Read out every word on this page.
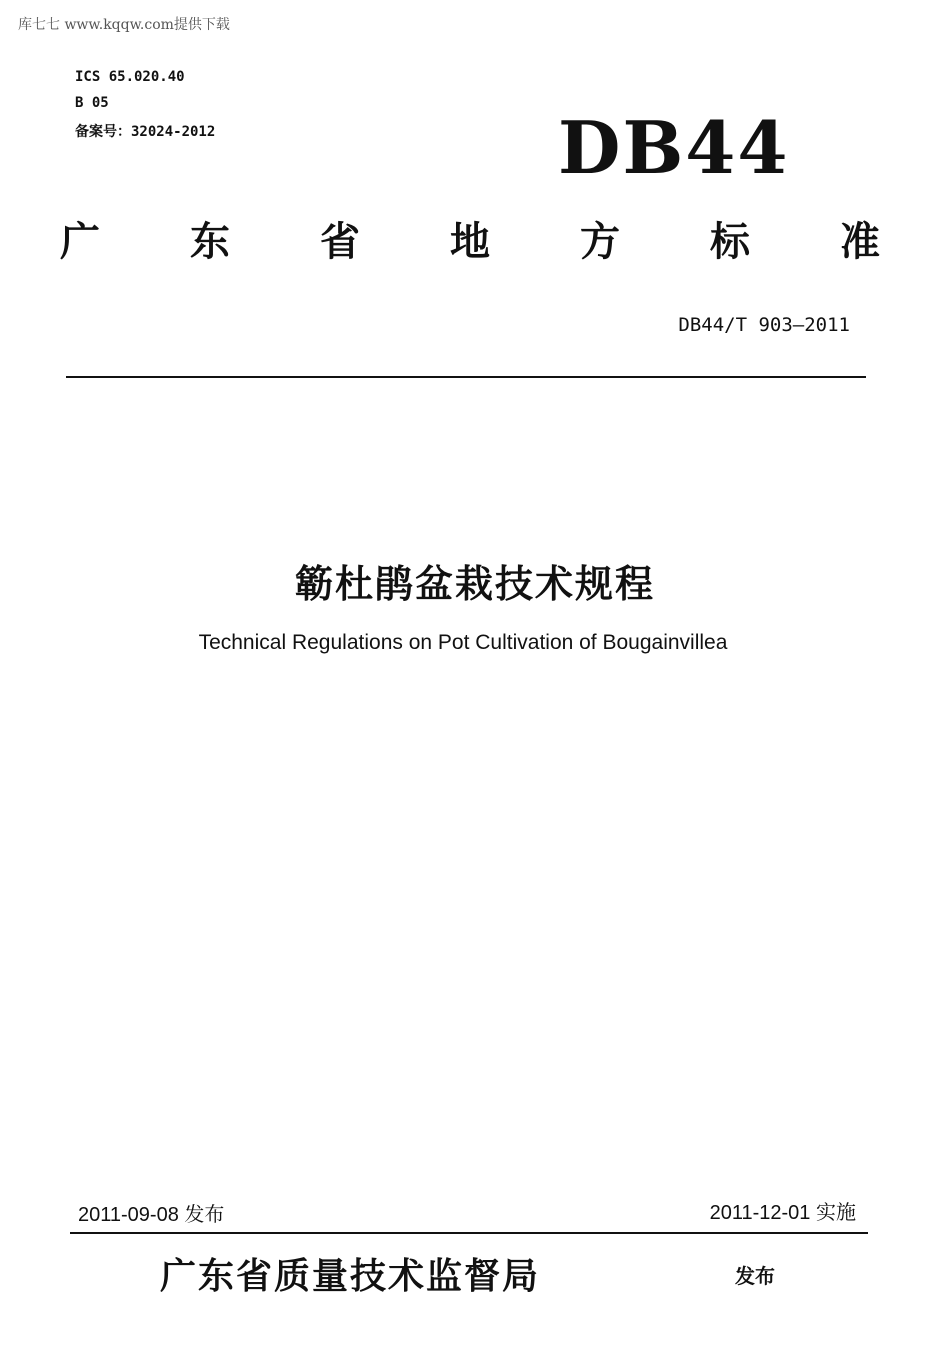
库七七 www.kqqw.com提供下载
ICS 65.020.40
B 05
备案号：32024-2012	DB44
广 东 省 地 方 标 准
DB44/T 903—2011
簕杜鹃盆栽技术规程
Technical Regulations on Pot Cultivation of Bougainvillea
2011-09-08 发布	2011-12-01 实施
广东省质量技术监督局	发布
